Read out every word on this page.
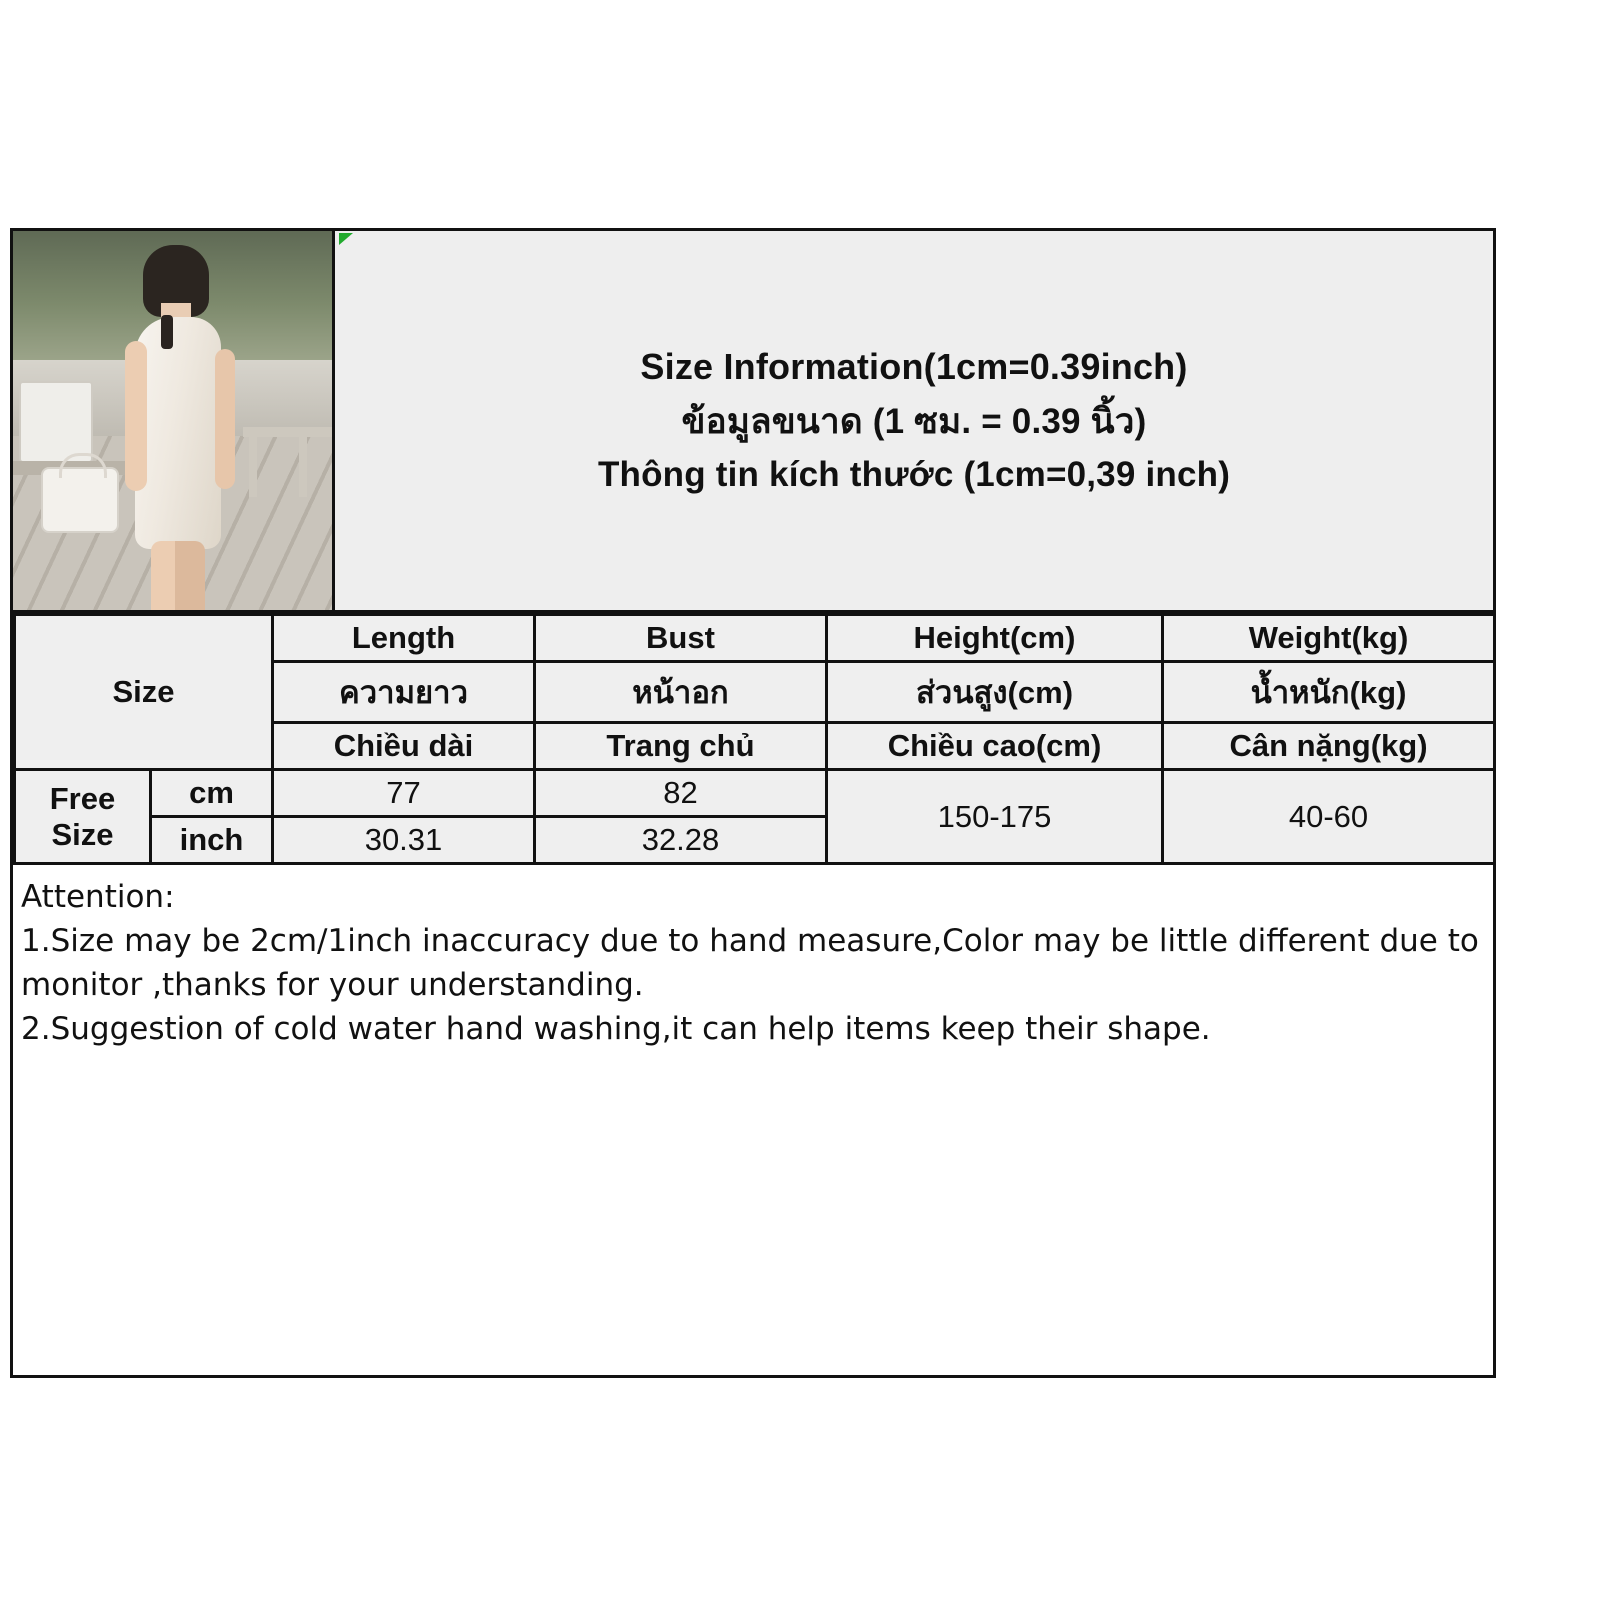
Size Information(1cm=0.39inch)
ข้อมูลขนาด (1 ซม. = 0.39 นิ้ว)
Thông tin kích thước (1cm=0,39 inch)
Size		Length	Bust	Height(cm)	Weight(kg)
		ความยาว	หน้าอก	ส่วนสูง(cm)	น้ำหนัก(kg)
		Chiều dài	Trang chủ	Chiều cao(cm)	Cân nặng(kg)
Free Size	cm	77	82	150-175	40-60
	inch	30.31	32.28		
Attention:
1.Size may be 2cm/1inch inaccuracy due to hand measure,Color may be little different due to monitor ,thanks for your understanding.
2.Suggestion of cold water hand washing,it can help items keep their shape.
